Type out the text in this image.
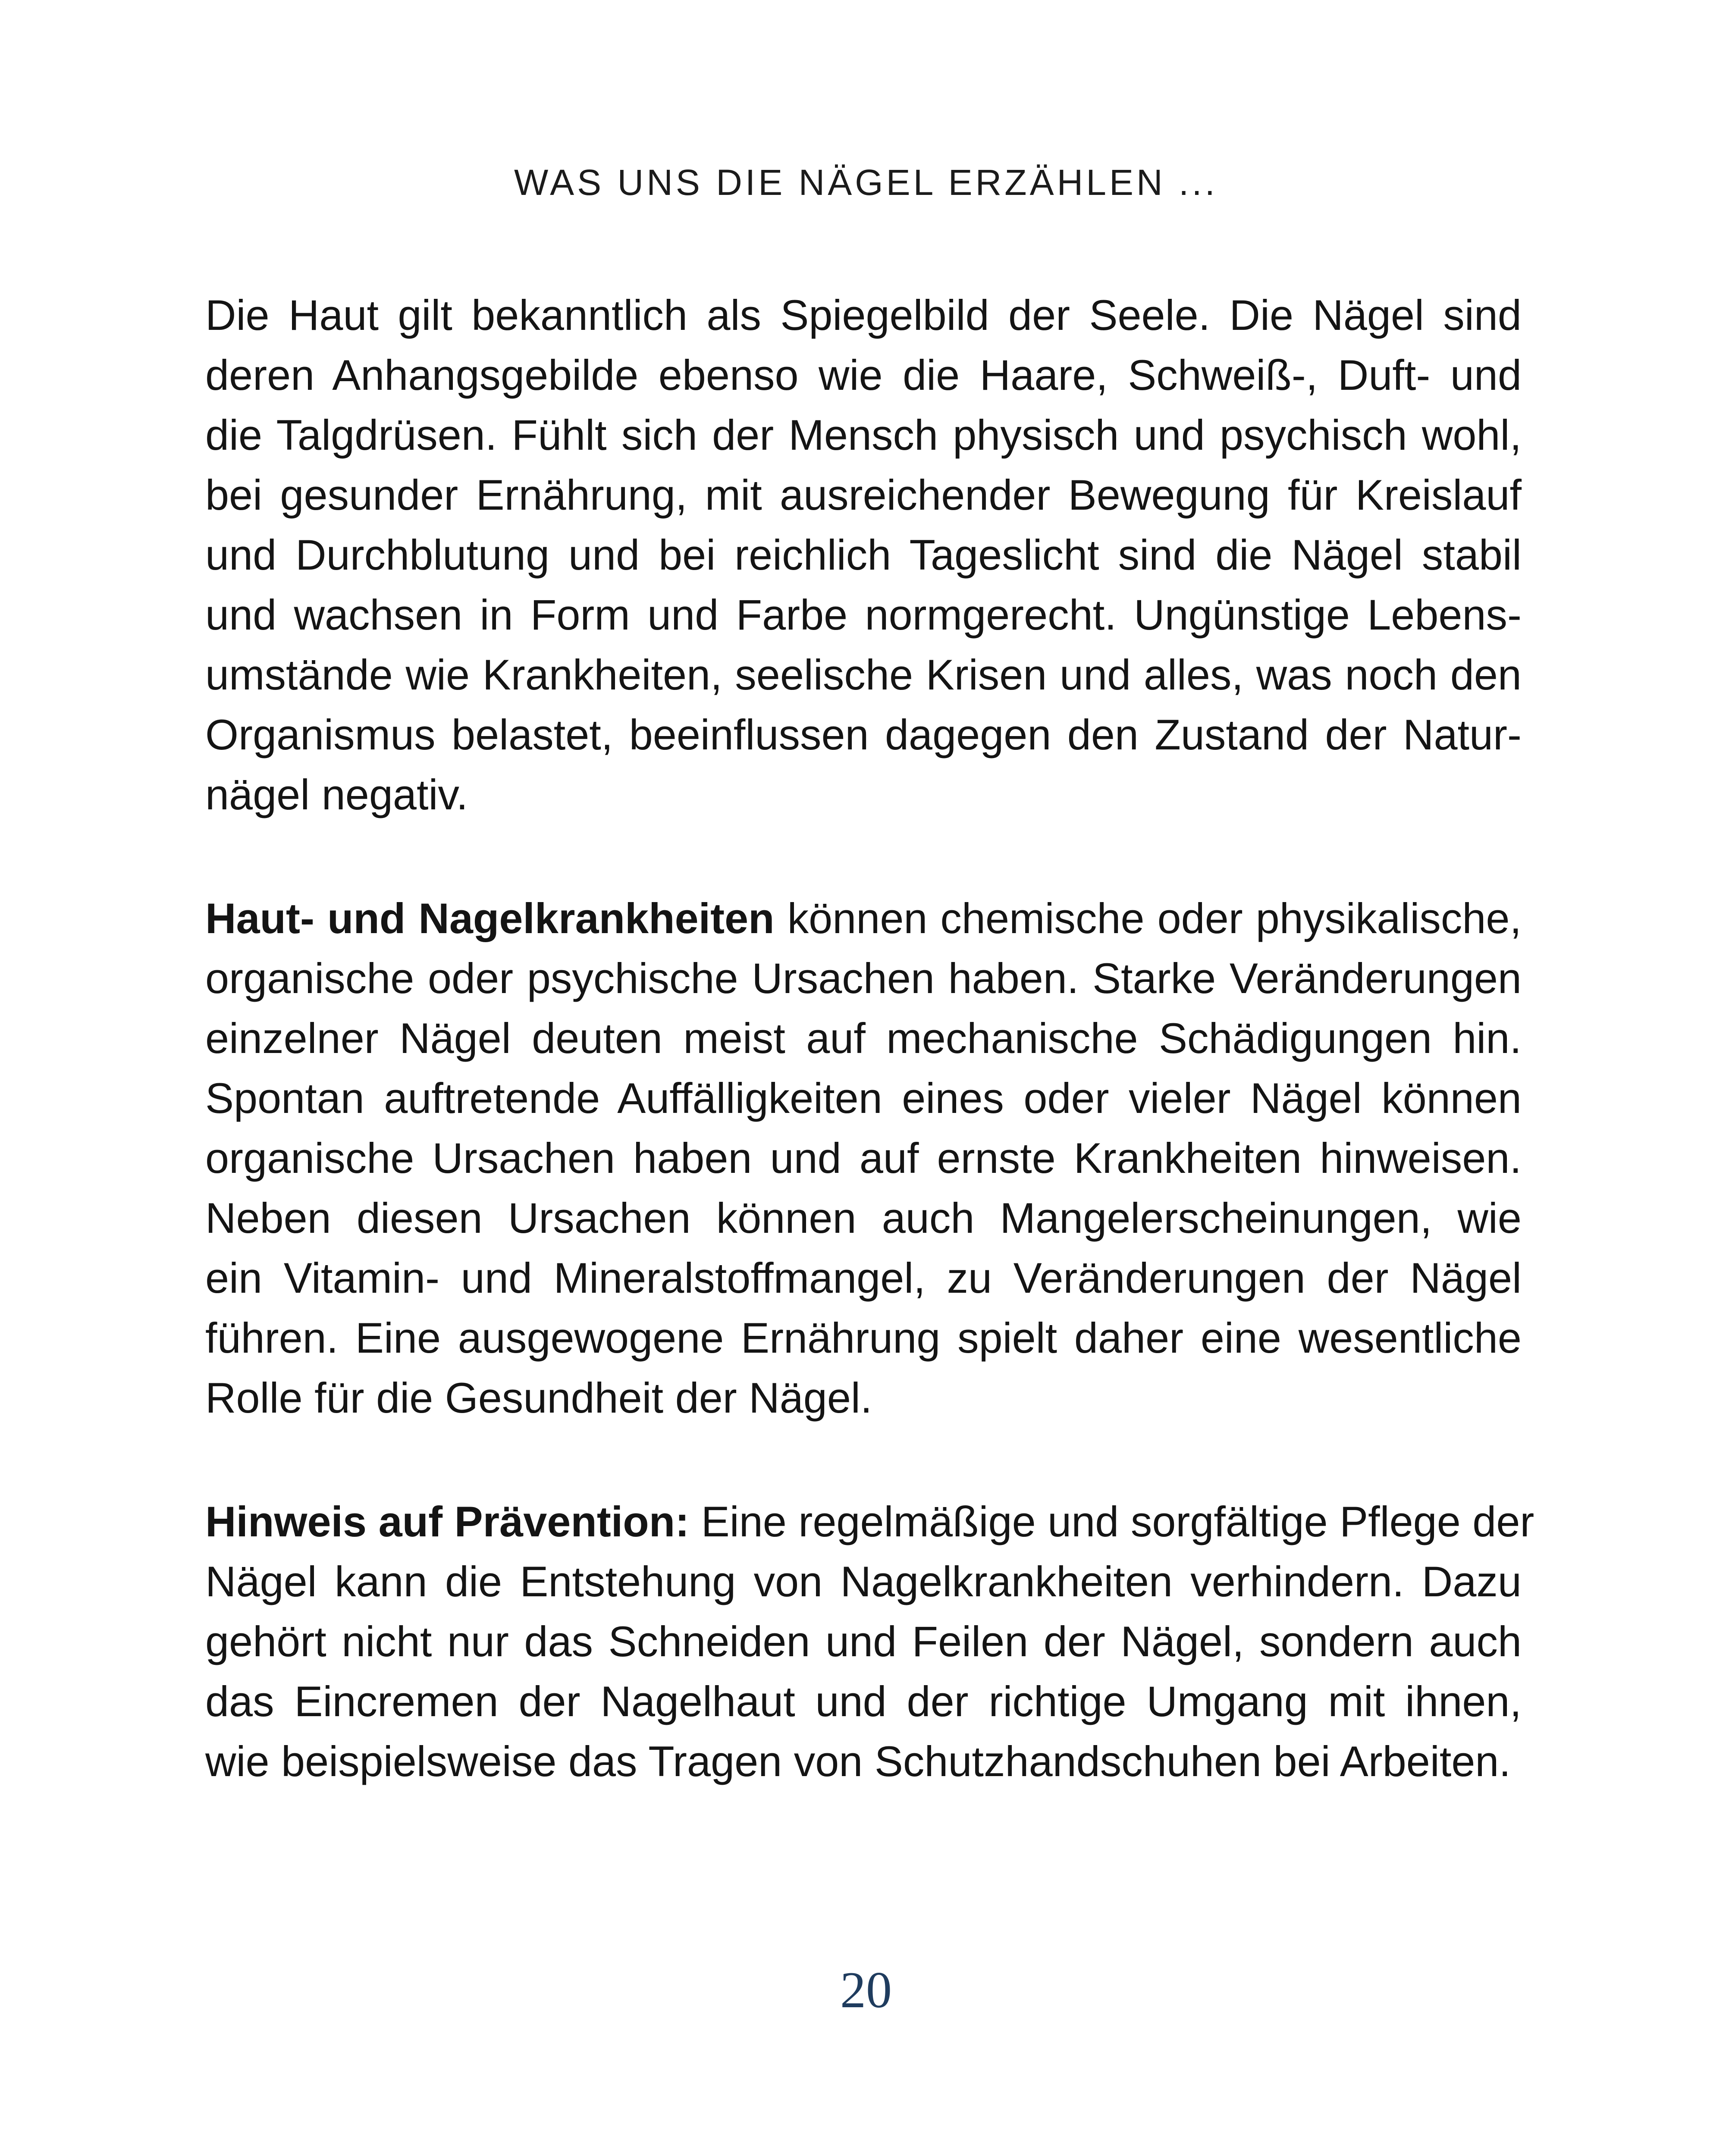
WAS UNS DIE NÄGEL ERZÄHLEN ...
Die Haut gilt bekanntlich als Spiegelbild der Seele. Die Nägel sind
deren Anhangsgebilde ebenso wie die Haare, Schweiß-, Duft- und
die Talgdrüsen. Fühlt sich der Mensch physisch und psychisch wohl,
bei gesunder Ernährung, mit ausreichender Bewegung für Kreislauf
und Durchblutung und bei reichlich Tageslicht sind die Nägel stabil
und wachsen in Form und Farbe normgerecht. Ungünstige Lebens-
umstände wie Krankheiten, seelische Krisen und alles, was noch den
Organismus belastet, beeinflussen dagegen den Zustand der Natur-
nägel negativ.
Haut- und Nagelkrankheiten können chemische oder physikalische,
organische oder psychische Ursachen haben. Starke Veränderungen
einzelner Nägel deuten meist auf mechanische Schädigungen hin.
Spontan auftretende Auffälligkeiten eines oder vieler Nägel können
organische Ursachen haben und auf ernste Krankheiten hinweisen.
Neben diesen Ursachen können auch Mangelerscheinungen, wie
ein Vitamin- und Mineralstoffmangel, zu Veränderungen der Nägel
führen. Eine ausgewogene Ernährung spielt daher eine wesentliche
Rolle für die Gesundheit der Nägel.
Hinweis auf Prävention: Eine regelmäßige und sorgfältige Pflege der
Nägel kann die Entstehung von Nagelkrankheiten verhindern. Dazu
gehört nicht nur das Schneiden und Feilen der Nägel, sondern auch
das Eincremen der Nagelhaut und der richtige Umgang mit ihnen,
wie beispielsweise das Tragen von Schutzhandschuhen bei Arbeiten.
20
